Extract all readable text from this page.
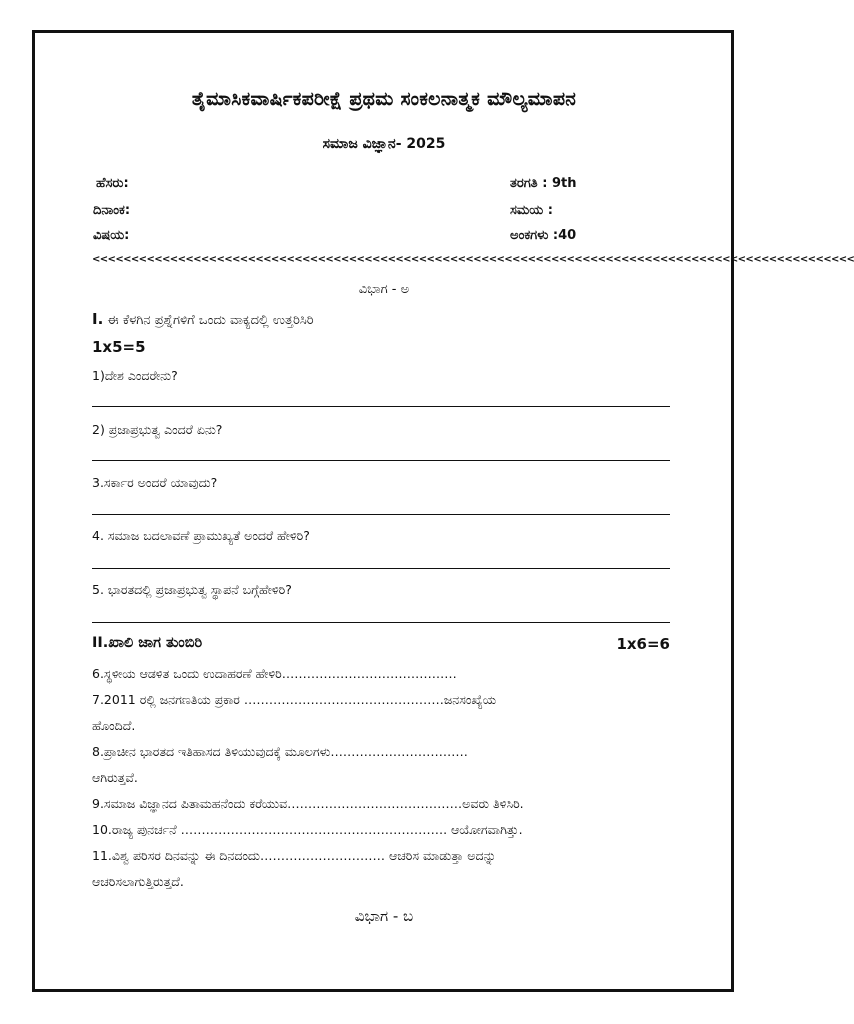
ತೈಮಾಸಿಕವಾರ್ಷಿಕಪರೀಕ್ಷೆ ಪ್ರಥಮ ಸಂಕಲನಾತ್ಮಕ ಮೌಲ್ಯಮಾಪನ
ಸಮಾಜ ವಿಜ್ಞಾನ- 2025
ಹೆಸರು:	ತರಗತಿ : 9th
ದಿನಾಂಕ:	ಸಮಯ :
ವಿಷಯ:	ಅಂಕಗಳು :40
<<<<<<<<<<<<<<<<<<<<<<<<<<<<<<<<<<<<<<<<<<<<<<<<<<<<<<<<<<<<<<<<<<<<<<<<<<<<<<<<<<<<<<<<<<<<<<<<<<
ವಿಭಾಗ - ಅ
I. ಈ ಕೆಳಗಿನ ಪ್ರಶ್ನೆಗಳಿಗೆ ಒಂದು ವಾಕ್ಯದಲ್ಲಿ ಉತ್ತರಿಸಿರಿ
1x5=5
1)ದೇಶ ಎಂದರೇನು?
2) ಪ್ರಜಾಪ್ರಭುತ್ವ ಎಂದರೆ ಏನು?
3.ಸರ್ಕಾರ ಅಂದರೆ ಯಾವುದು?
4. ಸಮಾಜ ಬದಲಾವಣೆ ಪ್ರಾಮುಖ್ಯತೆ ಅಂದರೆ ಹೇಳಿರಿ?
5. ಭಾರತದಲ್ಲಿ ಪ್ರಜಾಪ್ರಭುತ್ವ ಸ್ಥಾಪನೆ ಬಗ್ಗೆಹೇಳಿರಿ?
II.ಖಾಲಿ ಜಾಗ ತುಂಬಿರಿ	1x6=6
6.ಸ್ಥಳೀಯ ಆಡಳಿತ ಒಂದು ಉದಾಹರಣೆ ಹೇಳಿರಿ……………………………………
7.2011 ರಲ್ಲಿ ಜನಗಣತಿಯ ಪ್ರಕಾರ …………………………………………ಜನಸಂಖ್ಯೆಯ
ಹೊಂದಿದೆ.
8.ಪ್ರಾಚೀನ ಭಾರತದ ಇತಿಹಾಸದ ತಿಳಿಯುವುದಕ್ಕೆ ಮೂಲಗಳು……………………………
ಆಗಿರುತ್ತವೆ.
9.ಸಮಾಜ ವಿಜ್ಞಾನದ ಪಿತಾಮಹನೆಂದು ಕರೆಯುವ……………………………………ಅವರು ತಿಳಿಸಿರಿ.
10.ರಾಜ್ಯ ಪುನರ್ಚನೆ ………………………………………………………. ಆಯೋಗವಾಗಿತ್ತು.
11.ವಿಶ್ವ ಪರಿಸರ ದಿನವನ್ನು ಈ ದಿನದಂದು………………………… ಆಚರಿಸ ಮಾಡುತ್ತಾ ಅದನ್ನು
ಆಚರಿಸಲಾಗುತ್ತಿರುತ್ತದೆ.
ವಿಭಾಗ - ಬ
